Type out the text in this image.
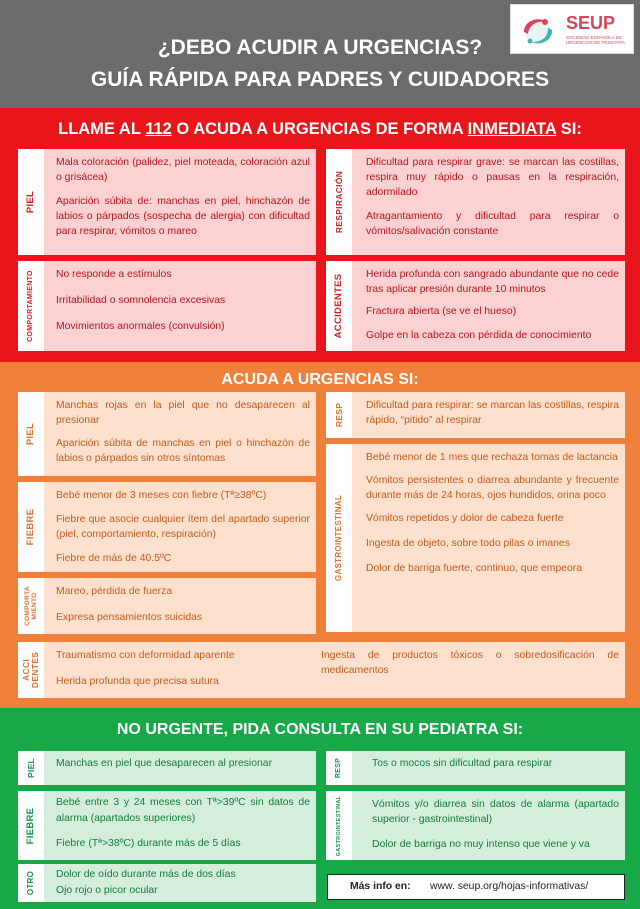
¿DEBO ACUDIR A URGENCIAS?
GUÍA RÁPIDA PARA PADRES Y CUIDADORES
SEUP
SOCIEDAD ESPAÑOLA DE URGENCIAS DE PEDIATRÍA
LLAME AL 112 O ACUDA A URGENCIAS DE FORMA INMEDIATA SI:
PIEL
Mala coloración (palidez, piel moteada, coloración azul o grisácea)
Aparición súbita de: manchas en piel, hinchazón de labios o párpados (sospecha de alergia) con dificultad para respirar, vómitos o mareo	RESPIRACIÓN
Dificultad para respirar grave: se marcan las costillas, respira muy rápido o pausas en la respiración, adormilado
Atragantamiento y dificultad para respirar o vómitos/salivación constante
COMPORTAMIENTO No responde a estímulos
Irritabilidad o somnolencia excesivas
Movimientos anormales (convulsión)	ACCIDENTES Herida profunda con sangrado abundante que no cede tras aplicar presión durante 10 minutos
Fractura abierta (se ve el hueso)
Golpe en la cabeza con pérdida de conocimiento
ACUDA A URGENCIAS SI:
PIEL
Manchas rojas en la piel que no desaparecen al presionar
Aparición súbita de manchas en piel o hinchazón de labios o párpados sin otros síntomas
RESP Dificultad para respirar: se marcan las costillas, respira rápido, “pitido” al respirar
FIEBRE
Bebé menor de 3 meses con fiebre (Tª≥38ºC)
Fiebre que asocie cualquier ítem del apartado superior (piel, comportamiento, respiración)
Fiebre de más de 40.5ºC	GASTROINTESTINAL
Bebé menor de 1 mes que rechaza tomas de lactancia
Vómitos persistentes o diarrea abundante y frecuente durante más de 24 horas, ojos hundidos, orina poco
Vómitos repetidos y dolor de cabeza fuerte
Ingesta de objeto, sobre todo pilas o imanes
Dolor de barriga fuerte, continuo, que empeora
COMPORTA
MIENTO
Mareo, pérdida de fuerza
Expresa pensamientos suicidas
ACCI
DENTES Traumatismo con deformidad aparente
Herida profunda que precisa sutura
Ingesta de productos tóxicos o sobredosificación de medicamentos
NO URGENTE, PIDA CONSULTA EN SU PEDIATRA SI:
PIEL Manchas en piel que desaparecen al presionar	RESP	Tos o mocos sin dificultad para respirar
FIEBRE
Bebé entre 3 y 24 meses con Tª>39ºC sin datos de alarma (apartados superiores)
Fiebre (Tª>38ºC) durante más de 5 días	GASTROINTESTINAL	Vómitos y/o diarrea sin datos de alarma (apartado superior - gastrointestinal)
Dolor de barriga no muy intenso que viene y va
OTRO Dolor de oído durante más de dos días
Ojo rojo o picor ocular	Más info en: www. seup.org/hojas-informativas/
